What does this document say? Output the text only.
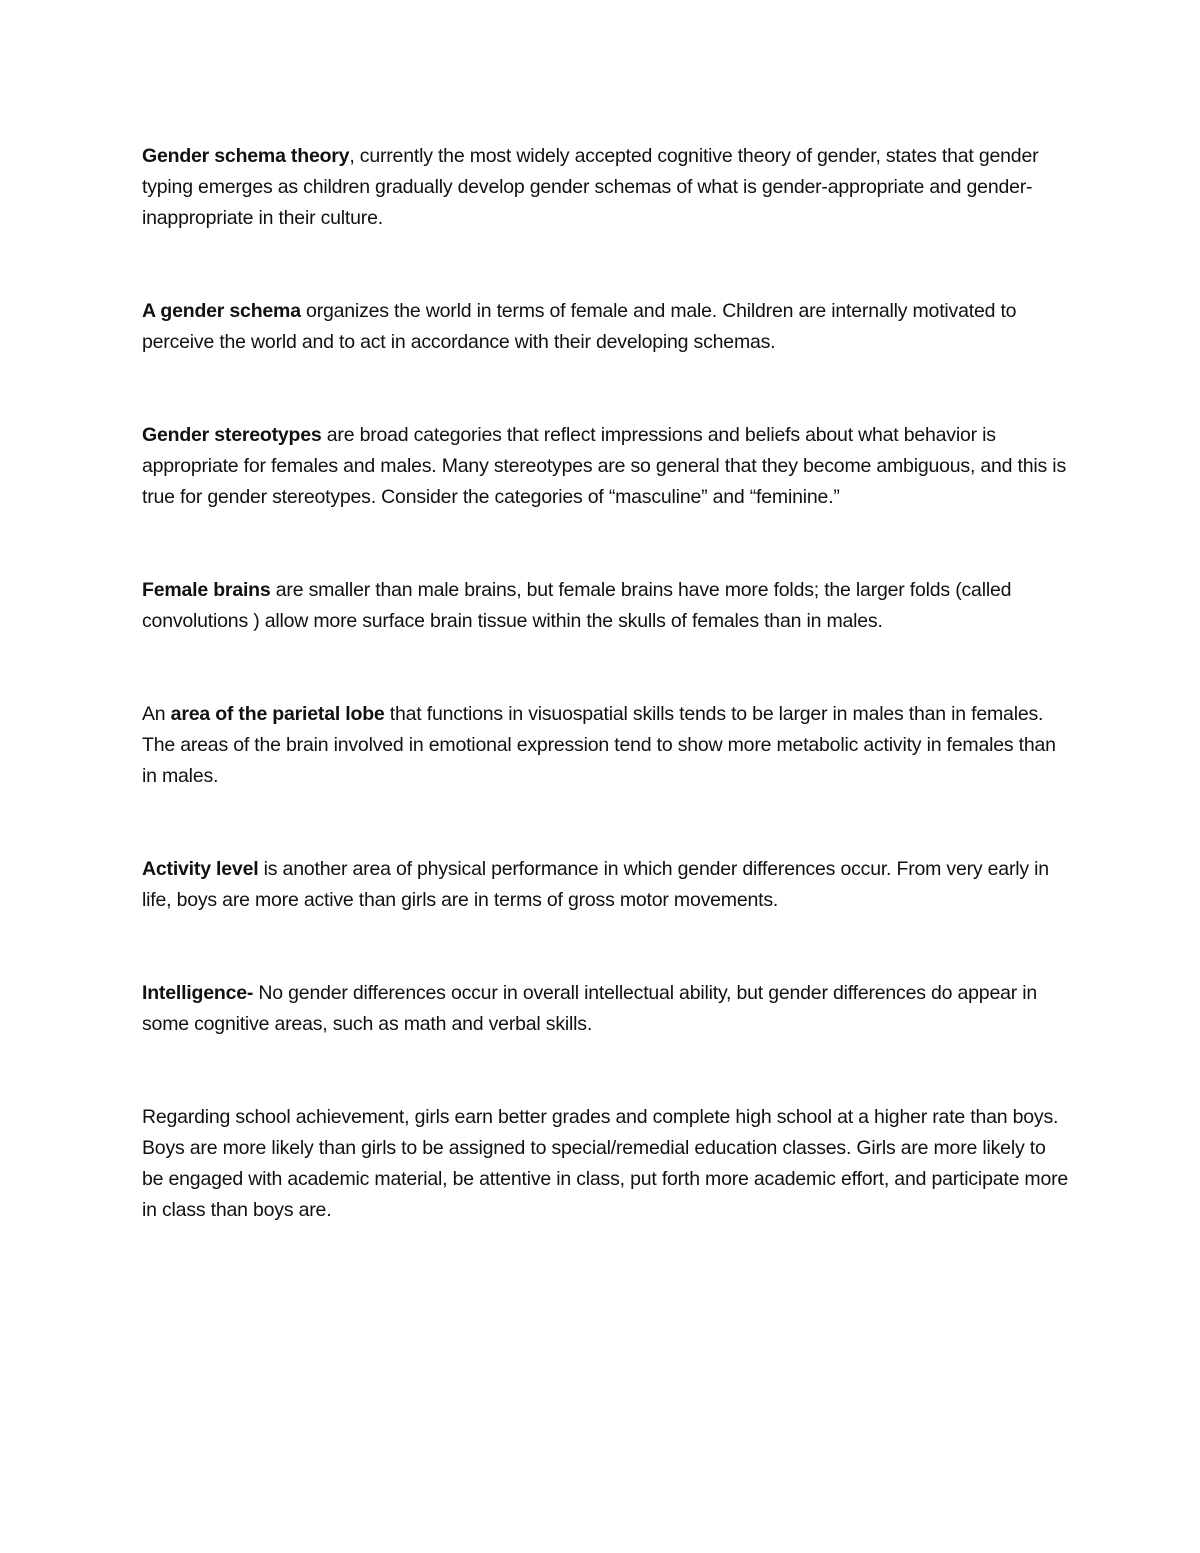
Gender schema theory, currently the most widely accepted cognitive theory of gender, states that gender typing emerges as children gradually develop gender schemas of what is gender-appropriate and gender-inappropriate in their culture.

A gender schema organizes the world in terms of female and male. Children are internally motivated to perceive the world and to act in accordance with their developing schemas.

Gender stereotypes are broad categories that reflect impressions and beliefs about what behavior is appropriate for females and males. Many stereotypes are so general that they become ambiguous, and this is true for gender stereotypes. Consider the categories of “masculine” and “feminine.”

Female brains are smaller than male brains, but female brains have more folds; the larger folds (called convolutions ) allow more surface brain tissue within the skulls of females than in males.

An area of the parietal lobe that functions in visuospatial skills tends to be larger in males than in females. The areas of the brain involved in emotional expression tend to show more metabolic activity in females than in males.

Activity level is another area of physical performance in which gender differences occur. From very early in life, boys are more active than girls are in terms of gross motor movements.

Intelligence- No gender differences occur in overall intellectual ability, but gender differences do appear in some cognitive areas, such as math and verbal skills.

Regarding school achievement, girls earn better grades and complete high school at a higher rate than boys. Boys are more likely than girls to be assigned to special/remedial education classes. Girls are more likely to be engaged with academic material, be attentive in class, put forth more academic effort, and participate more in class than boys are.
